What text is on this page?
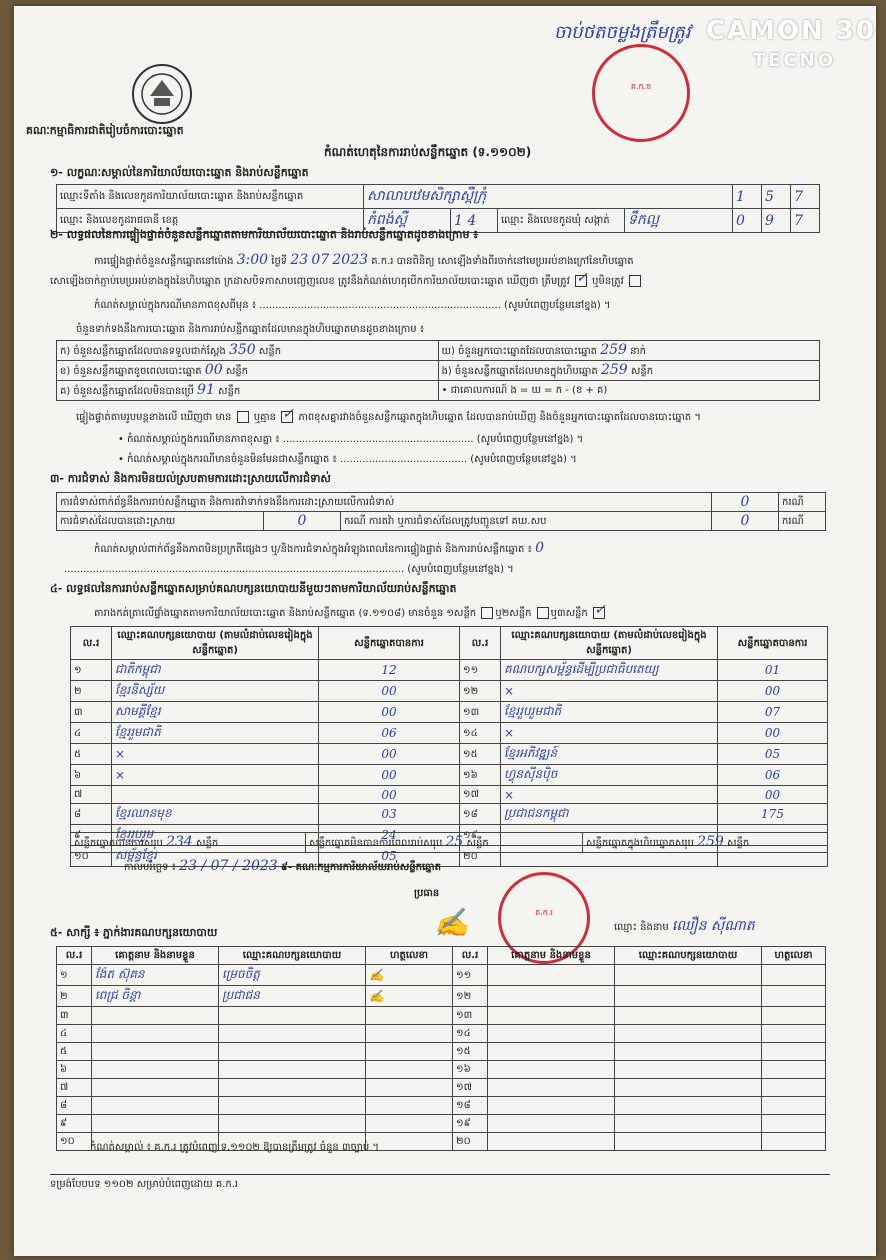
CAMON 30
TECNO
ចាប់ថតចម្លងត្រឹមត្រូវ
គ.ក.ខ
គណៈកម្មាធិការជាតិរៀបចំការបោះឆ្នោត
កំណត់ហេតុនៃការរាប់សន្លឹកឆ្នោត (ទ.១១០២)
១- លក្ខណៈសម្គាល់នៃការិយាល័យបោះឆ្នោត និងរាប់សន្លឹកឆ្នោត
ឈ្មោះទីតាំង និងលេខកូដការិយាល័យបោះឆ្នោត និងរាប់សន្លឹកឆ្នោត	សាលាបឋមសិក្សាស្ពឺក្រុំ				1	5	7
ឈ្មោះ និងលេខកូដរាជធានី ខេត្ត	កំពង់ស្ពឺ	1 4	ឈ្មោះ និងលេខកូដឃុំ សង្កាត់	ទឹកល្អ	0	9	7
២- លទ្ធផលនៃការផ្ទៀងផ្ទាត់ចំនួនសន្លឹកឆ្នោតតាមការិយាល័យបោះឆ្នោត និងរាប់សន្លឹកឆ្នោតដូចខាងក្រោម ៖
ការផ្ទៀងផ្ទាត់ចំនួនសន្លឹកឆ្នោតនៅម៉ោង 3:00 ថ្ងៃទី 23 07 2023 គ.ក.រ បានពិនិត្យ សោឡើងទាំងពីរចាក់នៅមេប្រអប់ខាងក្រៅនៃហិបឆ្នោត
សោឡើងចាក់ភ្ជាប់មេប្រអប់ខាងក្នុងនៃហិបឆ្នោត ក្រដាសបិទភាសាបញ្ចេញលេខ ត្រូវនឹងកំណត់ហេតុបើកការិយាល័យបោះឆ្នោត ឃើញថា ត្រឹមត្រូវ ✓ ឬមិនត្រូវ
កំណត់សម្គាល់ក្នុងករណីមានភាពខុសពីមុន ៖ ............................................................................ (សូមបំពេញបន្ថែមនៅខ្នង) ។
ចំនួនទាក់ទងនឹងការបោះឆ្នោត និងការរាប់សន្លឹកឆ្នោតដែលមានក្នុងហិបឆ្នោតមានដូចខាងក្រោម ៖
ក) ចំនួនសន្លឹកឆ្នោតដែលបានទទួលជាក់ស្ដែង 350 សន្លឹក	ឃ) ចំនួនអ្នកបោះឆ្នោតដែលបានបោះឆ្នោត 259 នាក់
ខ) ចំនួនសន្លឹកឆ្នោតខូចពេលបោះឆ្នោត 00 សន្លឹក	ង) ចំនួនសន្លឹកឆ្នោតដែលមានក្នុងហិបឆ្នោត 259 សន្លឹក
គ) ចំនួនសន្លឹកឆ្នោតដែលមិនបានប្រើ 91 សន្លឹក	• ជាគោលការណ៍ ង = ឃ = ក - (ខ + គ)
ផ្ទៀងផ្ទាត់តាមរូបមន្តខាងលើ ឃើញថា មាន ឬគ្មាន ✓ ភាពខុសគ្នារវាងចំនួនសន្លឹកឆ្នោតក្នុងហិបឆ្នោត ដែលបានរាប់ឃើញ និងចំនួនអ្នកបោះឆ្នោតដែលបានបោះឆ្នោត ។
• កំណត់សម្គាល់ក្នុងករណីមានភាពខុសគ្នា ៖ ............................................................ (សូមបំពេញបន្ថែមនៅខ្នង) ។
• កំណត់សម្គាល់ក្នុងករណីមានចំនួនមិនមែនជាសន្លឹកឆ្នោត ៖ ........................................ (សូមបំពេញបន្ថែមនៅខ្នង) ។
៣- ការជំទាស់ និងការមិនយល់ស្របតាមការដោះស្រាយលើការជំទាស់
ការជំទាស់ពាក់ព័ន្ធនឹងការរាប់សន្លឹកឆ្នោត និងការតវ៉ាទាក់ទងនឹងការដោះស្រាយលើការជំទាស់			0	ករណី
ការជំទាស់ដែលបានដោះស្រាយ	0	ករណី ការតវ៉ា ឬការជំទាស់ដែលត្រូវបញ្ជូនទៅ គឃ.សប	0	ករណី
កំណត់សម្គាល់ពាក់ព័ន្ធនឹងភាពមិនប្រក្រតីផ្សេងៗ ឬ/និងការជំទាស់ក្នុងអំឡុងពេលនៃការផ្ទៀងផ្ទាត់ និងការរាប់សន្លឹកឆ្នោត ៖ 0
........................................................................................................... (សូមបំពេញបន្ថែមនៅខ្នង) ។
៤- លទ្ធផលនៃការរាប់សន្លឹកឆ្នោតសម្រាប់គណបក្សនយោបាយនីមួយៗតាមការិយាល័យរាប់សន្លឹកឆ្នោត
តារាងកត់ត្រាលើផ្ទាំងឆ្នោតតាមការិយាល័យបោះឆ្នោត និងរាប់សន្លឹកឆ្នោត (ទ.១១០៨) មានចំនួន ១សន្លឹក ឬ២សន្លឹក ឬ៣សន្លឹក ✓
ល.រ	ឈ្មោះគណបក្សនយោបាយ (តាមលំដាប់លេខរៀងក្នុងសន្លឹកឆ្នោត)	សន្លឹកឆ្នោតបានការ	ល.រ	ឈ្មោះគណបក្សនយោបាយ (តាមលំដាប់លេខរៀងក្នុងសន្លឹកឆ្នោត)	សន្លឹកឆ្នោតបានការ
១	ជាតិកម្ពុជា	12	១១	គណបក្សសម្ព័ន្ធដើម្បីប្រជាធិបតេយ្យ	01
២	ខ្មែរនិស្ស័យ	00	១២	×	00
៣	សាមគ្គីខ្មែរ	00	១៣	ខ្មែររួបរួមជាតិ	07
៤	ខ្មែររួមជាតិ	06	១៤	×	00
៥	×	00	១៥	ខ្មែរអភិវឌ្ឍន៍	05
៦	×	00	១៦	ហ្វុនស៊ីនប៉ិច	06
៧		00	១៧	×	00
៨	ខ្មែរឈានមុខ	03	១៨	ប្រជាជនកម្ពុជា	175
៩	ខ្មែររួបរួម	24	១៩		
១០	សម្ព័ន្ធខ្មែរ	05	២០		
សន្លឹកឆ្នោតបានការសរុប 234 សន្លឹក	សន្លឹកឆ្នោតមិនបានការពេលរាប់សរុប 25 សន្លឹក	សន្លឹកឆ្នោតក្នុងហិបឆ្នោតសរុប 259 សន្លឹក
កាលបរិច្ឆេទ ៖ 23 / 07 / 2023 ៩- គណៈកម្មការការិយាល័យរាប់សន្លឹកឆ្នោត
ប្រធាន
គ.ក.រ
✍	ឈ្មោះ និងនាម ឈឿន ស៊ីណាត
៥- សាក្សី ៖ ភ្នាក់ងារគណបក្សនយោបាយ
ល.រ	គោត្តនាម និងនាមខ្លួន	ឈ្មោះគណបក្សនយោបាយ	ហត្ថលេខា	ល.រ	គោត្តនាម និងនាមខ្លួន	ឈ្មោះគណបក្សនយោបាយ	ហត្ថលេខា
១	ង៉ែត ស៊ុគន	ម្រេចចិត្ត	✍	១១			
២	ពេជ្រ ចិន្តា	ប្រជាជន	✍	១២			
៣				១៣			
៤				១៤			
៥				១៥			
៦				១៦			
៧				១៧			
៨				១៨			
៩				១៩			
១០				២០			
កំណត់សម្គាល់ ៖ គ.ក.រ ត្រូវបំពេញ ទ.១១០២ ឱ្យបានត្រឹមត្រូវ ចំនួន ៣ច្បាប់ ។
ទម្រង់បែបបទ ១១០២ សម្រាប់បំពេញដោយ គ.ក.រ
